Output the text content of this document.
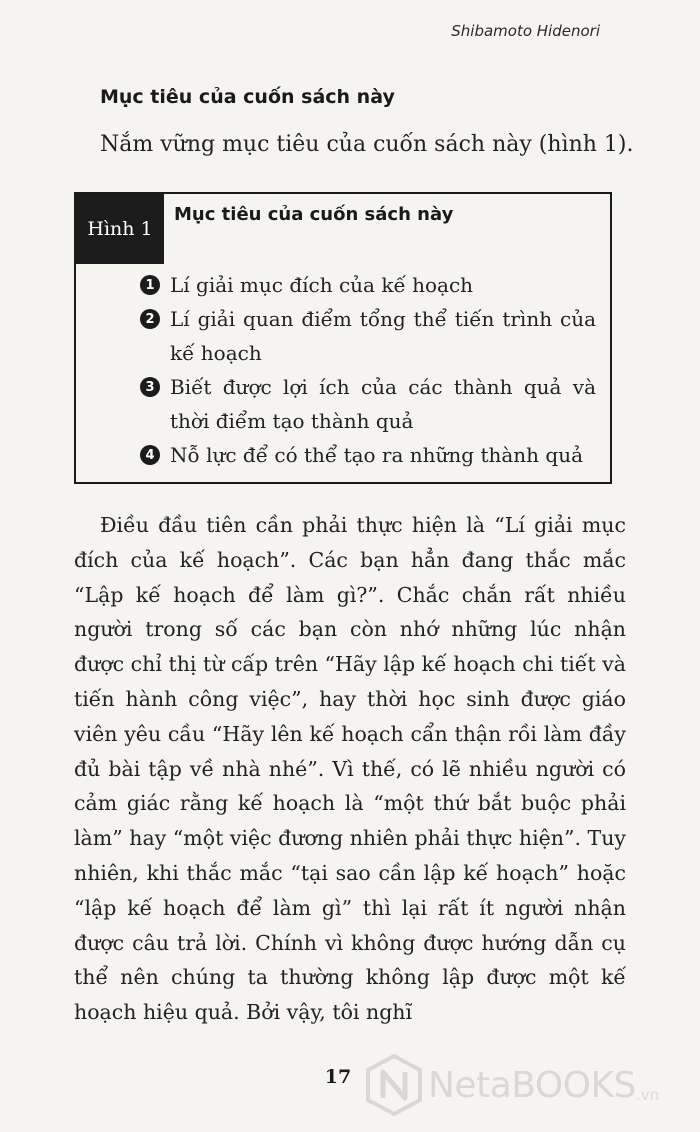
Shibamoto Hidenori
Mục tiêu của cuốn sách này
Nắm vững mục tiêu của cuốn sách này (hình 1).
Hình 1
Mục tiêu của cuốn sách này
1 Lí giải mục đích của kế hoạch
2 Lí giải quan điểm tổng thể tiến trình của kế hoạch
3 Biết được lợi ích của các thành quả và thời điểm tạo thành quả
4 Nỗ lực để có thể tạo ra những thành quả

Điều đầu tiên cần phải thực hiện là “Lí giải mục đích của kế hoạch”. Các bạn hẳn đang thắc mắc “Lập kế hoạch để làm gì?”. Chắc chắn rất nhiều người trong số các bạn còn nhớ những lúc nhận được chỉ thị từ cấp trên “Hãy lập kế hoạch chi tiết và tiến hành công việc”, hay thời học sinh được giáo viên yêu cầu “Hãy lên kế hoạch cẩn thận rồi làm đầy đủ bài tập về nhà nhé”. Vì thế, có lẽ nhiều người có cảm giác rằng kế hoạch là “một thứ bắt buộc phải làm” hay “một việc đương nhiên phải thực hiện”. Tuy nhiên, khi thắc mắc “tại sao cần lập kế hoạch” hoặc “lập kế hoạch để làm gì” thì lại rất ít người nhận được câu trả lời. Chính vì không được hướng dẫn cụ thể nên chúng ta thường không lập được một kế hoạch hiệu quả. Bởi vậy, tôi nghĩ

17	NetaBOOKS .vn
